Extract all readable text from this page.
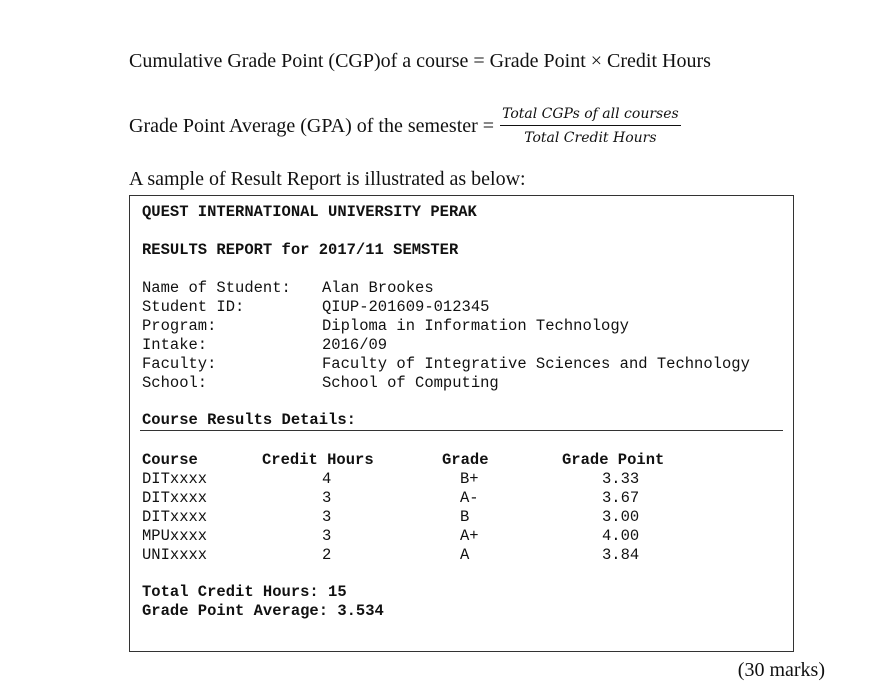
Cumulative Grade Point (CGP)of a course = Grade Point × Credit Hours
Grade Point Average (GPA) of the semester = $\frac{\text{Total CGPs of all courses}}{\text{Total Credit Hours}}$
A sample of Result Report is illustrated as below:
QUEST INTERNATIONAL UNIVERSITY PERAK
RESULTS REPORT for 2017/11 SEMSTER
Name of Student: Alan Brookes
Student ID:	QIUP-201609-012345
Program:	Diploma in Information Technology
Intake:	2016/09
Faculty:	Faculty of Integrative Sciences and Technology
School:	School of Computing
Course Results Details:
Course	Credit Hours	Grade	Grade Point
DITxxxx	4	B+	3.33
DITxxxx	3	A-	3.67
DITxxxx	3	B	3.00
MPUxxxx	3	A+	4.00
UNIxxxx	2	A	3.84
Total Credit Hours: 15
Grade Point Average: 3.534
(30 marks)
